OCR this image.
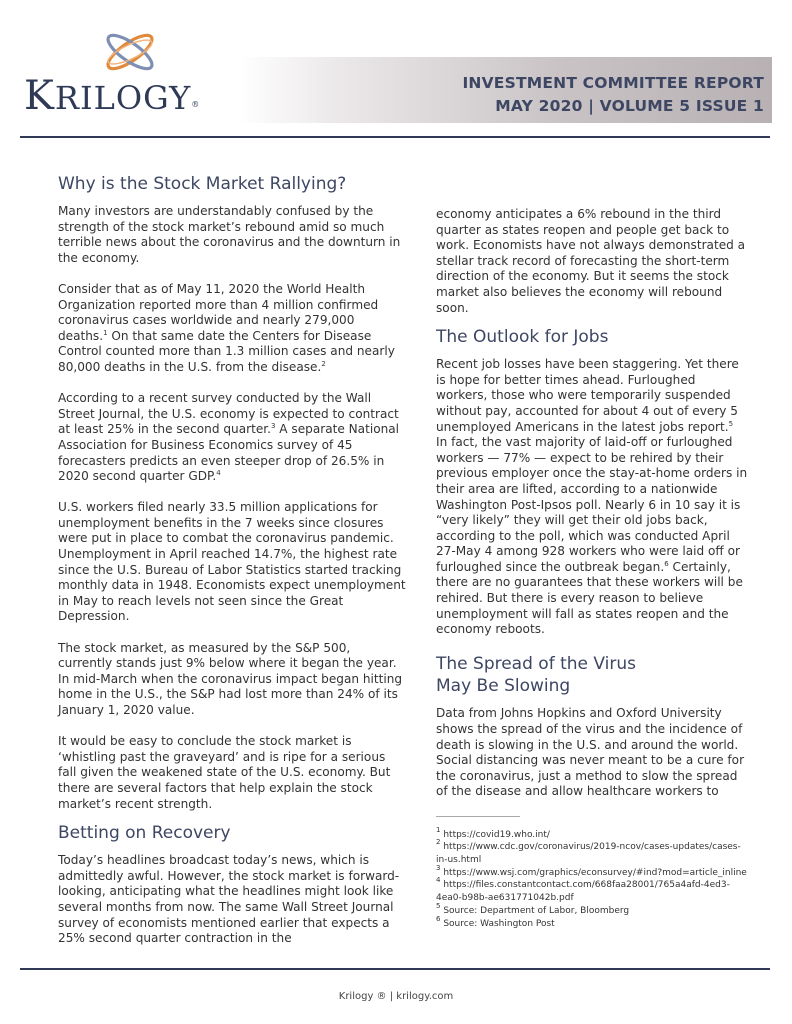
KRILOGY®
INVESTMENT COMMITTEE REPORT
MAY 2020 | VOLUME 5 ISSUE 1
Why is the Stock Market Rallying?

Many investors are understandably confused by the strength of the stock market’s rebound amid so much terrible news about the coronavirus and the downturn in the economy.

Consider that as of May 11, 2020 the World Health Organization reported more than 4 million confirmed coronavirus cases worldwide and nearly 279,000 deaths.$^1$ On that same date the Centers for Disease Control counted more than 1.3 million cases and nearly 80,000 deaths in the U.S. from the disease.$^2$

According to a recent survey conducted by the Wall Street Journal, the U.S. economy is expected to contract at least 25% in the second quarter.$^3$ A separate National Association for Business Economics survey of 45 forecasters predicts an even steeper drop of 26.5% in 2020 second quarter GDP.$^4$

U.S. workers filed nearly 33.5 million applications for unemployment benefits in the 7 weeks since closures were put in place to combat the coronavirus pandemic. Unemployment in April reached 14.7%, the highest rate since the U.S. Bureau of Labor Statistics started tracking monthly data in 1948. Economists expect unemployment in May to reach levels not seen since the Great Depression.

The stock market, as measured by the S&P 500, currently stands just 9% below where it began the year. In mid-March when the coronavirus impact began hitting home in the U.S., the S&P had lost more than 24% of its January 1, 2020 value.

It would be easy to conclude the stock market is ‘whistling past the graveyard’ and is ripe for a serious fall given the weakened state of the U.S. economy. But there are several factors that help explain the stock market’s recent strength.

Betting on Recovery

Today’s headlines broadcast today’s news, which is admittedly awful. However, the stock market is forward-looking, anticipating what the headlines might look like several months from now. The same Wall Street Journal survey of economists mentioned earlier that expects a 25% second quarter contraction in the

economy anticipates a 6% rebound in the third quarter as states reopen and people get back to work. Economists have not always demonstrated a stellar track record of forecasting the short-term direction of the economy. But it seems the stock market also believes the economy will rebound soon.

The Outlook for Jobs

Recent job losses have been staggering. Yet there is hope for better times ahead. Furloughed workers, those who were temporarily suspended without pay, accounted for about 4 out of every 5 unemployed Americans in the latest jobs report.$^5$ In fact, the vast majority of laid-off or furloughed workers — 77% — expect to be rehired by their previous employer once the stay-at-home orders in their area are lifted, according to a nationwide Washington Post-Ipsos poll. Nearly 6 in 10 say it is “very likely” they will get their old jobs back, according to the poll, which was conducted April 27-May 4 among 928 workers who were laid off or furloughed since the outbreak began.$^6$ Certainly, there are no guarantees that these workers will be rehired. But there is every reason to believe unemployment will fall as states reopen and the economy reboots.

The Spread of the Virus
May Be Slowing

Data from Johns Hopkins and Oxford University shows the spread of the virus and the incidence of death is slowing in the U.S. and around the world. Social distancing was never meant to be a cure for the coronavirus, just a method to slow the spread of the disease and allow healthcare workers to

$^1$ https://covid19.who.int/
$^2$ https://www.cdc.gov/coronavirus/2019-ncov/cases-updates/cases-in-us.html
$^3$ https://www.wsj.com/graphics/econsurvey/#ind?mod=article_inline
$^4$ https://files.constantcontact.com/668faa28001/765a4afd-4ed3-4ea0-b98b-ae631771042b.pdf
$^5$ Source: Department of Labor, Bloomberg
$^6$ Source: Washington Post
Krilogy ® | krilogy.com
